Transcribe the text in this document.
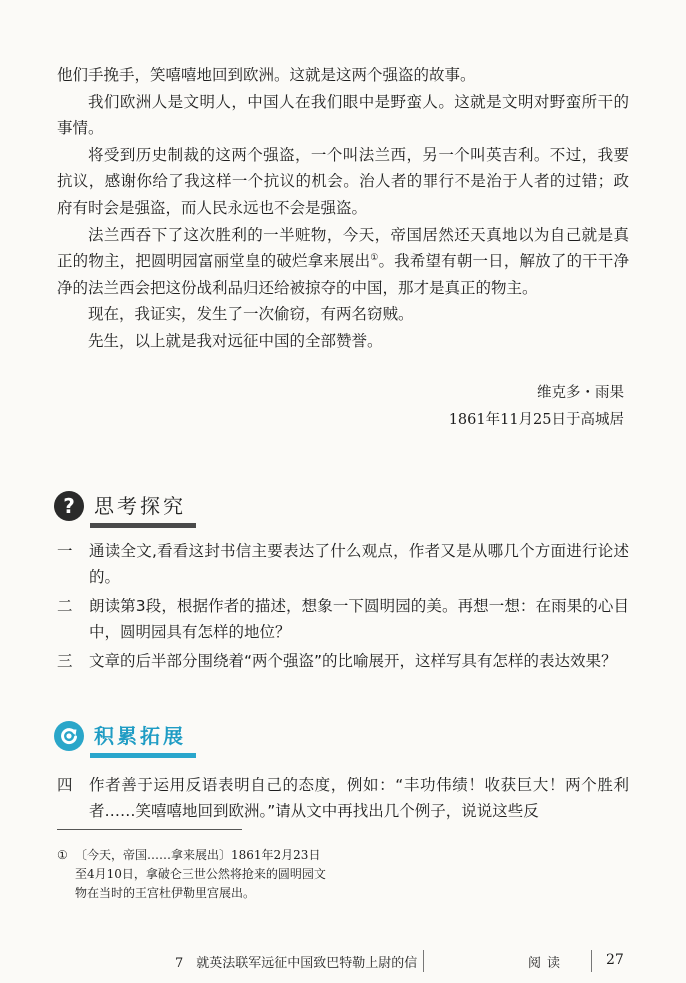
他们手挽手，笑嘻嘻地回到欧洲。这就是这两个强盗的故事。

我们欧洲人是文明人，中国人在我们眼中是野蛮人。这就是文明对野蛮所干的事情。

将受到历史制裁的这两个强盗，一个叫法兰西，另一个叫英吉利。不过，我要抗议，感谢你给了我这样一个抗议的机会。治人者的罪行不是治于人者的过错；政府有时会是强盗，而人民永远也不会是强盗。

法兰西吞下了这次胜利的一半赃物，今天，帝国居然还天真地以为自己就是真正的物主，把圆明园富丽堂皇的破烂拿来展出①。我希望有朝一日，解放了的干干净净的法兰西会把这份战利品归还给被掠夺的中国，那才是真正的物主。

现在，我证实，发生了一次偷窃，有两名窃贼。

先生，以上就是我对远征中国的全部赞誉。

维克多・雨果
1861年11月25日于高城居
? 思考探究
一	通读全文,看看这封书信主要表达了什么观点，作者又是从哪几个方面进行论述的。
二	朗读第3段，根据作者的描述，想象一下圆明园的美。再想一想：在雨果的心目中，圆明园具有怎样的地位？
三	文章的后半部分围绕着“两个强盗”的比喻展开，这样写具有怎样的表达效果？
积累拓展
四	作者善于运用反语表明自己的态度，例如：“丰功伟绩！收获巨大！两个胜利者……笑嘻嘻地回到欧洲。”请从文中再找出几个例子，说说这些反
① 〔今天，帝国……拿来展出〕1861年2月23日至4月10日，拿破仑三世公然将抢来的圆明园文物在当时的王宫杜伊勒里宫展出。
7　就英法联军远征中国致巴特勒上尉的信	阅读	27
